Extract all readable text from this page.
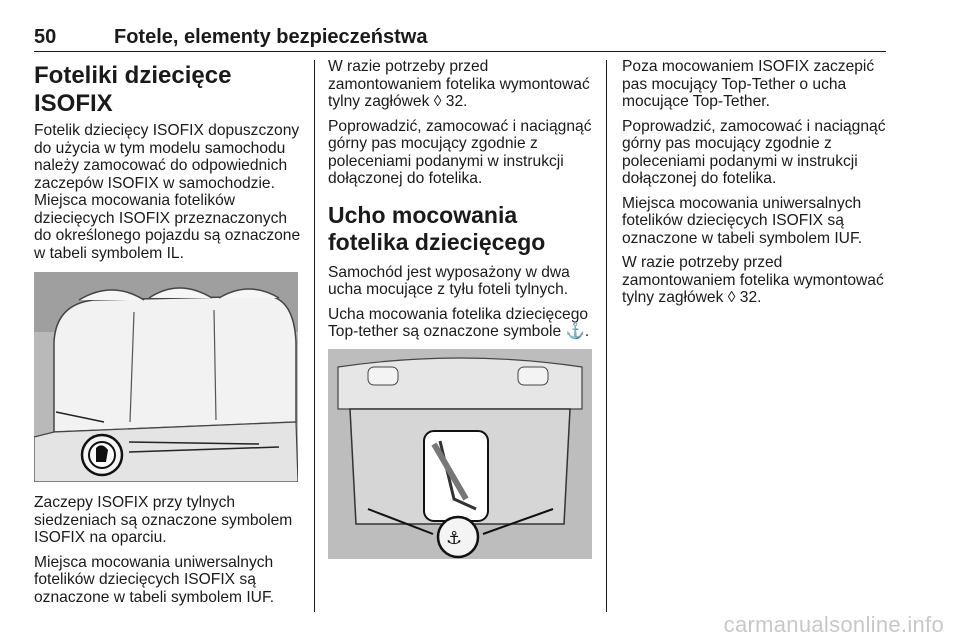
50	Fotele, elementy bezpieczeństwa
Foteliki dziecięce ISOFIX

Fotelik dziecięcy ISOFIX dopuszczony do użycia w tym modelu samochodu należy zamocować do odpowiednich zaczepów ISOFIX w samochodzie. Miejsca mocowania fotelików dziecięcych ISOFIX przeznaczonych do określonego pojazdu są oznaczone w tabeli symbolem IL.

Zaczepy ISOFIX przy tylnych siedzeniach są oznaczone symbolem ISOFIX na oparciu.

Miejsca mocowania uniwersalnych fotelików dziecięcych ISOFIX są oznaczone w tabeli symbolem IUF.

W razie potrzeby przed zamontowaniem fotelika wymontować tylny zagłówek ◊ 32.

Poprowadzić, zamocować i naciągnąć górny pas mocujący zgodnie z poleceniami podanymi w instrukcji dołączonej do fotelika.

Ucho mocowania fotelika dziecięcego

Samochód jest wyposażony w dwa ucha mocujące z tyłu foteli tylnych.

Ucha mocowania fotelika dziecięcego Top-tether są oznaczone symbole ⚓.

⚓

Poza mocowaniem ISOFIX zaczepić pas mocujący Top-Tether o ucha mocujące Top-Tether.

Poprowadzić, zamocować i naciągnąć górny pas mocujący zgodnie z poleceniami podanymi w instrukcji dołączonej do fotelika.

Miejsca mocowania uniwersalnych fotelików dziecięcych ISOFIX są oznaczone w tabeli symbolem IUF.

W razie potrzeby przed zamontowaniem fotelika wymontować tylny zagłówek ◊ 32.

carmanualsonline.info
